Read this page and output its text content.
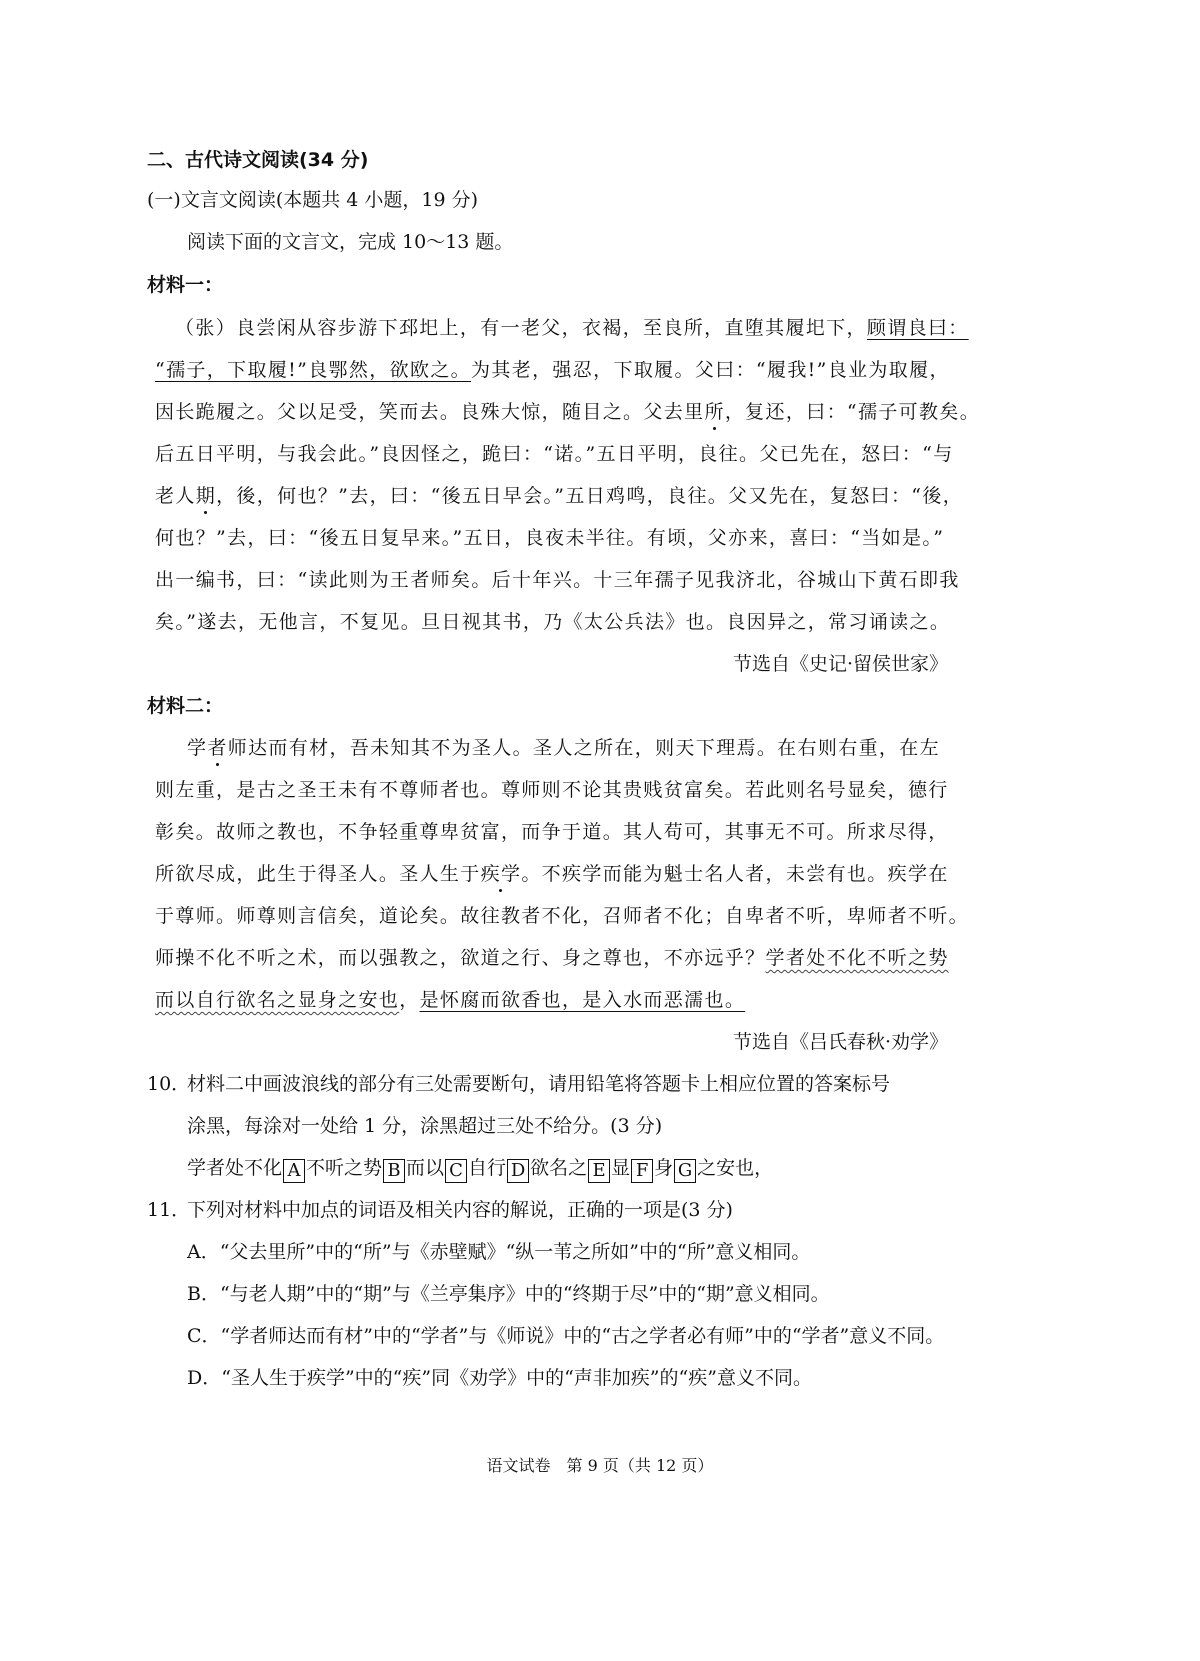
二、古代诗文阅读(34 分)
(一)文言文阅读(本题共 4 小题，19 分)
阅读下面的文言文，完成 10～13 题。
材料一：
（张）良尝闲从容步游下邳圯上，有一老父，衣褐，至良所，直堕其履圯下，顾谓良曰：
“孺子，下取履!”良鄂然，欲欧之。为其老，强忍，下取履。父曰：“履我!”良业为取履，
因长跪履之。父以足受，笑而去。良殊大惊，随目之。父去里所，复还，曰：“孺子可教矣。
后五日平明，与我会此。”良因怪之，跪曰：“诺。”五日平明，良往。父已先在，怒曰：“与
老人期，後，何也？”去，曰：“後五日早会。”五日鸡鸣，良往。父又先在，复怒曰：“後，
何也？”去，曰：“後五日复早来。”五日，良夜未半往。有顷，父亦来，喜曰：“当如是。”
出一编书，曰：“读此则为王者师矣。后十年兴。十三年孺子见我济北，谷城山下黄石即我
矣。”遂去，无他言，不复见。旦日视其书，乃《太公兵法》也。良因异之，常习诵读之。
节选自《史记·留侯世家》
材料二：
学者师达而有材，吾未知其不为圣人。圣人之所在，则天下理焉。在右则右重，在左
则左重，是古之圣王未有不尊师者也。尊师则不论其贵贱贫富矣。若此则名号显矣，德行
彰矣。故师之教也，不争轻重尊卑贫富，而争于道。其人苟可，其事无不可。所求尽得，
所欲尽成，此生于得圣人。圣人生于疾学。不疾学而能为魁士名人者，未尝有也。疾学在
于尊师。师尊则言信矣，道论矣。故往教者不化，召师者不化；自卑者不听，卑师者不听。
师操不化不听之术，而以强教之，欲道之行、身之尊也，不亦远乎？学者处不化不听之势
而以自行欲名之显身之安也，是怀腐而欲香也，是入水而恶濡也。
节选自《吕氏春秋·劝学》
10．
材料二中画波浪线的部分有三处需要断句，请用铅笔将答题卡上相应位置的答案标号
涂黑，每涂对一处给 1 分，涂黑超过三处不给分。(3 分)
学者处不化 A 不听之势 B 而以 C 自行 D 欲名之 E 显 F 身 G 之安也，
11．
下列对材料中加点的词语及相关内容的解说，正确的一项是(3 分)
A．“父去里所”中的“所”与《赤壁赋》“纵一苇之所如”中的“所”意义相同。
B．“与老人期”中的“期”与《兰亭集序》中的“终期于尽”中的“期”意义相同。
C．“学者师达而有材”中的“学者”与《师说》中的“古之学者必有师”中的“学者”意义不同。
D．“圣人生于疾学”中的“疾”同《劝学》中的“声非加疾”的“疾”意义不同。
语文试卷　第 9 页（共 12 页）
